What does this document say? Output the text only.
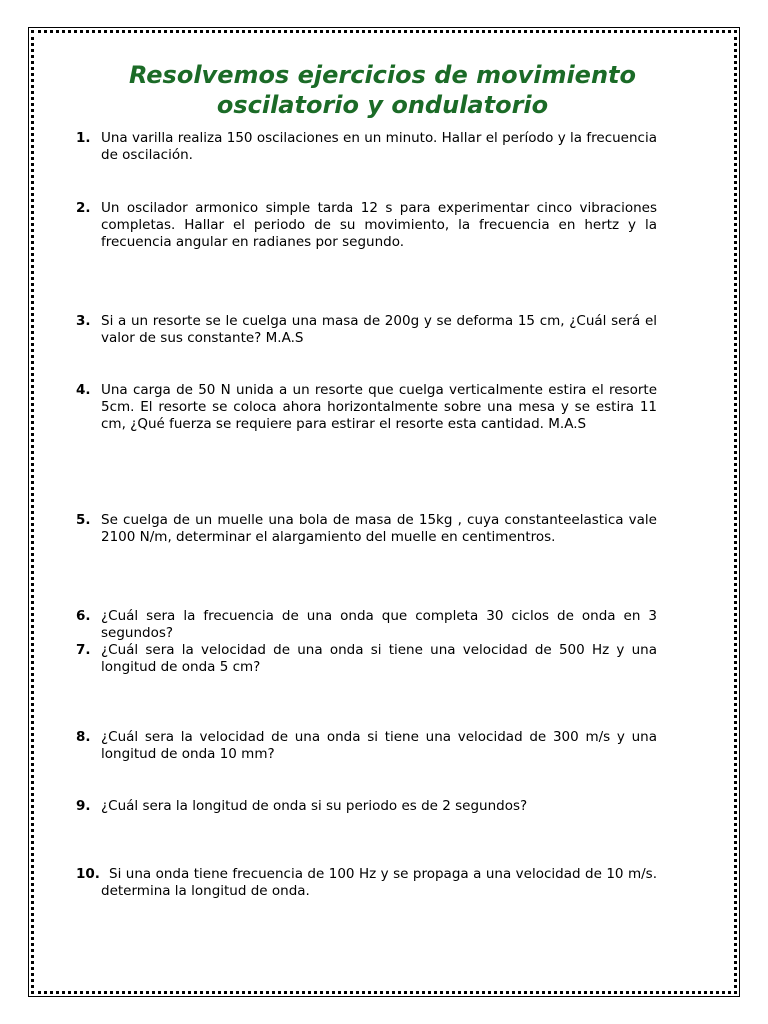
Resolvemos ejercicios de movimiento oscilatorio y ondulatorio
1. Una varilla realiza 150 oscilaciones en un minuto. Hallar el período y la frecuencia de oscilación.
2. Un oscilador armonico simple tarda 12 s para experimentar cinco vibraciones completas. Hallar el periodo de su movimiento, la frecuencia en hertz y la frecuencia angular en radianes por segundo.
3. Si a un resorte se le cuelga una masa de 200g y se deforma 15 cm, ¿Cuál será el valor de sus constante? M.A.S
4. Una carga de 50 N unida a un resorte que cuelga verticalmente estira el resorte 5cm. El resorte se coloca ahora horizontalmente sobre una mesa y se estira 11 cm, ¿Qué fuerza se requiere para estirar el resorte esta cantidad. M.A.S
5. Se cuelga de un muelle una bola de masa de 15kg , cuya constanteelastica vale 2100 N/m, determinar el alargamiento del muelle en centimentros.
6. ¿Cuál sera la frecuencia de una onda que completa 30 ciclos de onda en 3 segundos?
7. ¿Cuál sera la velocidad de una onda si tiene una velocidad de 500 Hz y una longitud de onda 5 cm?
8. ¿Cuál sera la velocidad de una onda si tiene una velocidad de 300 m/s y una longitud de onda 10 mm?
9. ¿Cuál sera la longitud de onda si su periodo es de 2 segundos?
10. Si una onda tiene frecuencia de 100 Hz y se propaga a una velocidad de 10 m/s. determina la longitud de onda.
